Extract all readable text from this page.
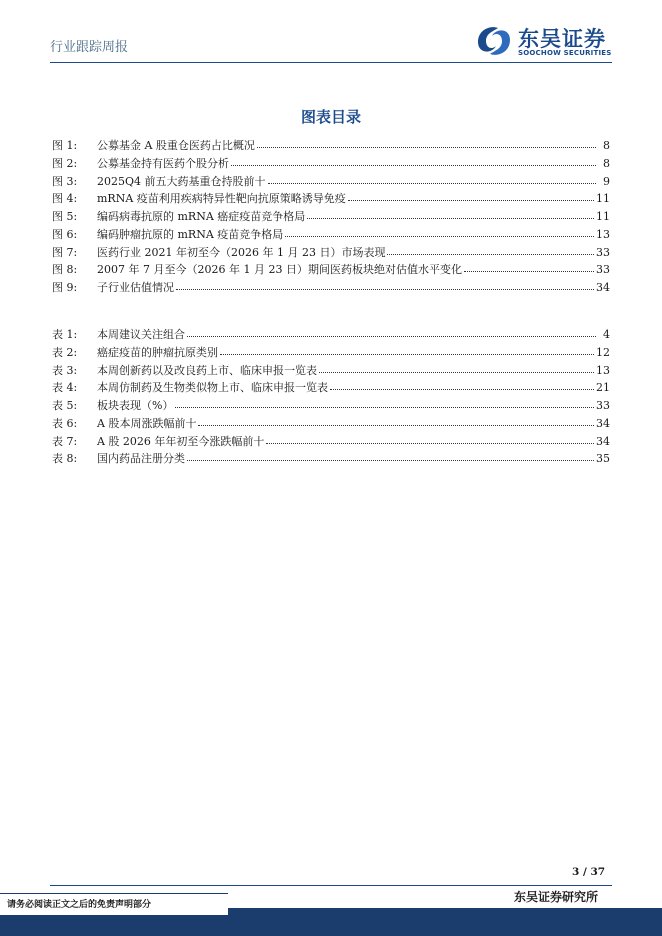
行业跟踪周报	东吴证券
SOOCHOW SECURITIES
图表目录
图 1:	公募基金 A 股重仓医药占比概况	8
图 2:	公募基金持有医药个股分析	8
图 3:	2025Q4 前五大药基重仓持股前十	9
图 4:	mRNA 疫苗利用疾病特异性靶向抗原策略诱导免疫	11
图 5:	编码病毒抗原的 mRNA 癌症疫苗竞争格局	11
图 6:	编码肿瘤抗原的 mRNA 疫苗竞争格局	13
图 7:	医药行业 2021 年初至今（2026 年 1 月 23 日）市场表现	33
图 8:	2007 年 7 月至今（2026 年 1 月 23 日）期间医药板块绝对估值水平变化	33
图 9:	子行业估值情况	34
表 1:	本周建议关注组合	4
表 2:	癌症疫苗的肿瘤抗原类别	12
表 3:	本周创新药以及改良药上市、临床申报一览表	13
表 4:	本周仿制药及生物类似物上市、临床申报一览表	21
表 5:	板块表现（%）	33
表 6:	A 股本周涨跌幅前十	34
表 7:	A 股 2026 年年初至今涨跌幅前十	34
表 8:	国内药品注册分类	35
3 / 37
东吴证券研究所
请务必阅读正文之后的免责声明部分
